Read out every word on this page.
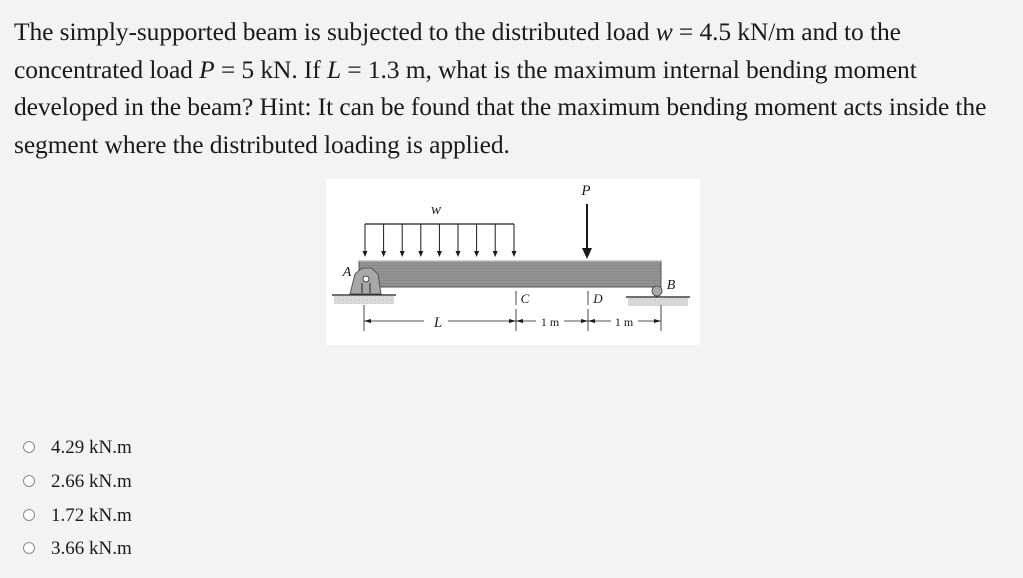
The simply-supported beam is subjected to the distributed load w = 4.5 kN/m and to the concentrated load P = 5 kN. If L = 1.3 m, what is the maximum internal bending moment developed in the beam? Hint: It can be found that the maximum bending moment acts inside the segment where the distributed loading is applied.
P
w
A
B
C	D
L	1 m	1 m
4.29 kN.m
2.66 kN.m
1.72 kN.m
3.66 kN.m
